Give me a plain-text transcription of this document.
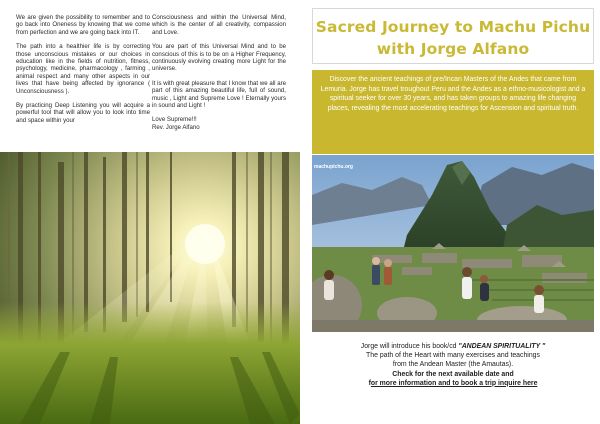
We are given the possibility to remember and to go back into Oneness by knowing that we come from perfection and we are going back into IT.

The path into a healthier life is by correcting those unconscious mistakes or our choices in education like in the fields of nutrition, fitness, psychology, medicine, pharmacology , farming , animal respect and many other aspects in our lives that have being affected by ignorance ( Unconsciousness ).

By practicing Deep Listening you will acquire a powerful tool that will allow you to look into time and space within your

Consciousness and within the Universal Mind, which is the center of all creativity, compassion and Love.

You are part of this Universal Mind and to be conscious of this is to be on a Higher Frequency, continuously evolving creating more Light for the universe.

It is with great pleasure that I know that we all are part of this amazing beautiful life, full of sound, music , Light and Supreme Love ! Eternally yours in sound and Light !

Love Supreme!!!

Rev. Jorge Alfano

Sacred Journey to Machu Pichu
with Jorge Alfano

Discover the ancient teachings of pre/Incan Masters of the Andes that came from Lemuria. Jorge has travel troughout Peru and the Andes as a ethno-musicologist and a spiritual seeker for over 30 years, and has taken groups to amazing life changing places, revealing the most accelerating teachings for Ascension and spiritual truth.

machupichu.org
Jorge will introduce his book/cd "ANDEAN SPIRITUALITY "
The path of the Heart with many exercises and teachings
from the Andean Master (the Amautas).
Check for the next available date and
for more information and to book a trip inquire here
